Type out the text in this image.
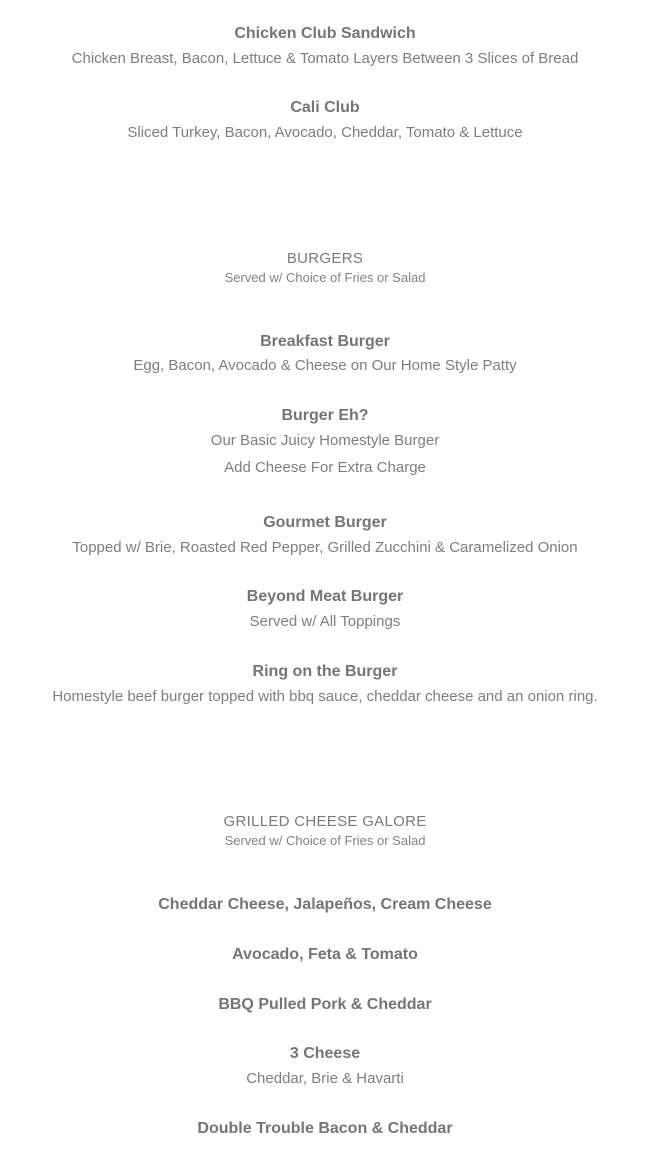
Chicken Club Sandwich
Chicken Breast, Bacon, Lettuce & Tomato Layers Between 3 Slices of Bread
Cali Club
Sliced Turkey, Bacon, Avocado, Cheddar, Tomato & Lettuce
BURGERS
Served w/ Choice of Fries or Salad
Breakfast Burger
Egg, Bacon, Avocado & Cheese on Our Home Style Patty
Burger Eh?
Our Basic Juicy Homestyle Burger
Add Cheese For Extra Charge
Gourmet Burger
Topped w/ Brie, Roasted Red Pepper, Grilled Zucchini & Caramelized Onion
Beyond Meat Burger
Served w/ All Toppings
Ring on the Burger
Homestyle beef burger topped with bbq sauce, cheddar cheese and an onion ring.
GRILLED CHEESE GALORE
Served w/ Choice of Fries or Salad
Cheddar Cheese, Jalapeños, Cream Cheese
Avocado, Feta & Tomato
BBQ Pulled Pork & Cheddar
3 Cheese
Cheddar, Brie & Havarti
Double Trouble Bacon & Cheddar
